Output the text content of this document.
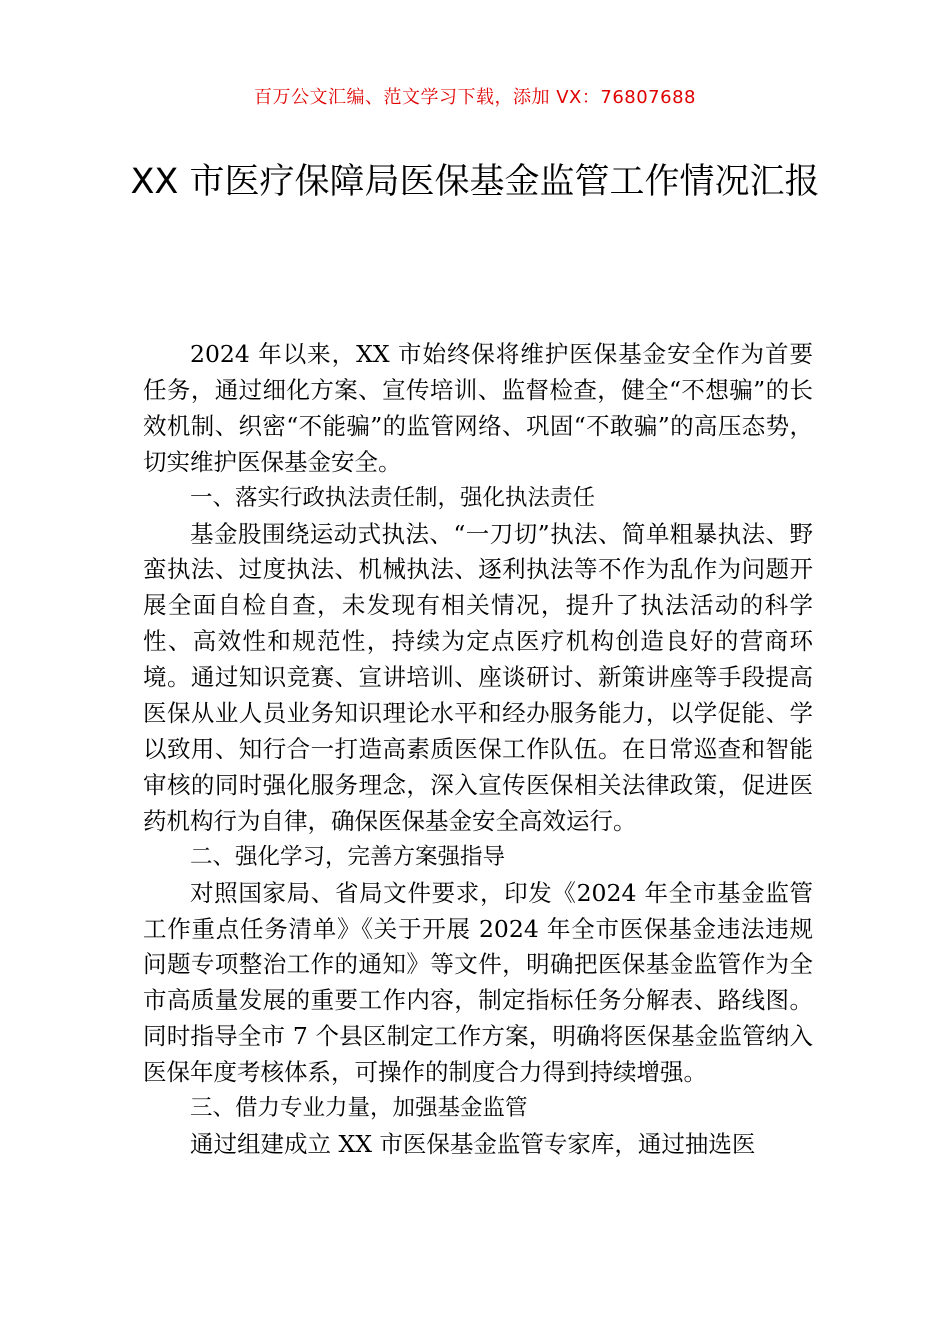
百万公文汇编、范文学习下载，添加 VX：76807688
XX 市医疗保障局医保基金监管工作情况汇报

2024 年以来，XX 市始终保将维护医保基金安全作为首要任务，通过细化方案、宣传培训、监督检查，健全“不想骗”的长效机制、织密“不能骗”的监管网络、巩固“不敢骗”的高压态势，切实维护医保基金安全。

一、落实行政执法责任制，强化执法责任

基金股围绕运动式执法、“一刀切”执法、简单粗暴执法、野蛮执法、过度执法、机械执法、逐利执法等不作为乱作为问题开展全面自检自查，未发现有相关情况，提升了执法活动的科学性、高效性和规范性，持续为定点医疗机构创造良好的营商环境。通过知识竞赛、宣讲培训、座谈研讨、新策讲座等手段提高医保从业人员业务知识理论水平和经办服务能力，以学促能、学以致用、知行合一打造高素质医保工作队伍。在日常巡查和智能审核的同时强化服务理念，深入宣传医保相关法律政策，促进医药机构行为自律，确保医保基金安全高效运行。

二、强化学习，完善方案强指导

对照国家局、省局文件要求，印发《2024 年全市基金监管工作重点任务清单》《关于开展 2024 年全市医保基金违法违规问题专项整治工作的通知》等文件，明确把医保基金监管作为全市高质量发展的重要工作内容，制定指标任务分解表、路线图。同时指导全市 7 个县区制定工作方案，明确将医保基金监管纳入医保年度考核体系，可操作的制度合力得到持续增强。

三、借力专业力量，加强基金监管

通过组建成立 XX 市医保基金监管专家库，通过抽选医
